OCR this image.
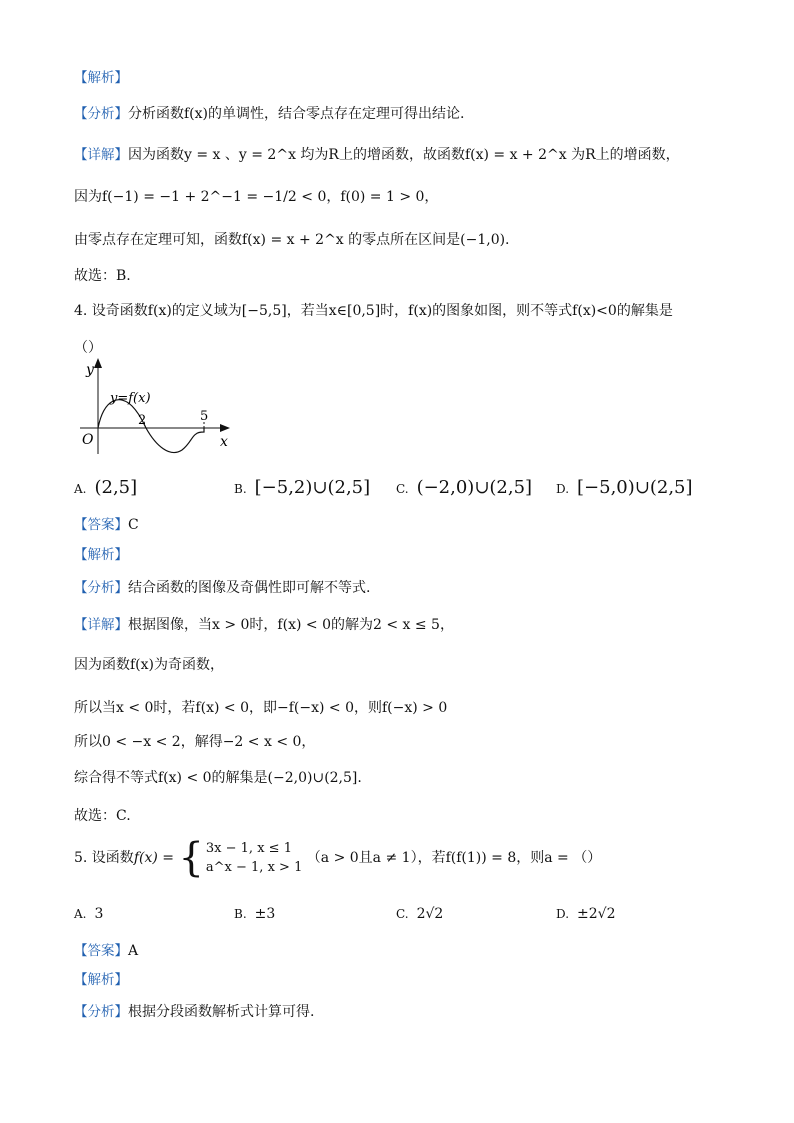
【解析】
【分析】分析函数f(x)的单调性，结合零点存在定理可得出结论.
【详解】因为函数y = x 、y = 2^x 均为R上的增函数，故函数f(x) = x + 2^x 为R上的增函数，
因为f(−1) = −1 + 2^−1 = −1/2 < 0，f(0) = 1 > 0，
由零点存在定理可知，函数f(x) = x + 2^x 的零点所在区间是(−1,0).
故选：B.
4. 设奇函数f(x)的定义域为[−5,5]，若当x∈[0,5]时，f(x)的图象如图，则不等式f(x)<0的解集是
（）
y
x
O
y=f(x)
2	5
A. (2,5]	B. [−5,2)∪(2,5] C. (−2,0)∪(2,5] D. [−5,0)∪(2,5]
【答案】C
【解析】
【分析】结合函数的图像及奇偶性即可解不等式.
【详解】根据图像，当x > 0时，f(x) < 0的解为2 < x ≤ 5，
因为函数f(x)为奇函数，
所以当x < 0时，若f(x) < 0，即−f(−x) < 0，则f(−x) > 0
所以0 < −x < 2，解得−2 < x < 0，
综合得不等式f(x) < 0的解集是(−2,0)∪(2,5].
故选：C.
5. 设函数f(x) = { 3x − 1, x ≤ 1
a^x − 1, x > 1 （a > 0且a ≠ 1），若f(f(1)) = 8，则a = （）
A. 3	B. ±3	C. 2√2	D. ±2√2
【答案】A
【解析】
【分析】根据分段函数解析式计算可得.
